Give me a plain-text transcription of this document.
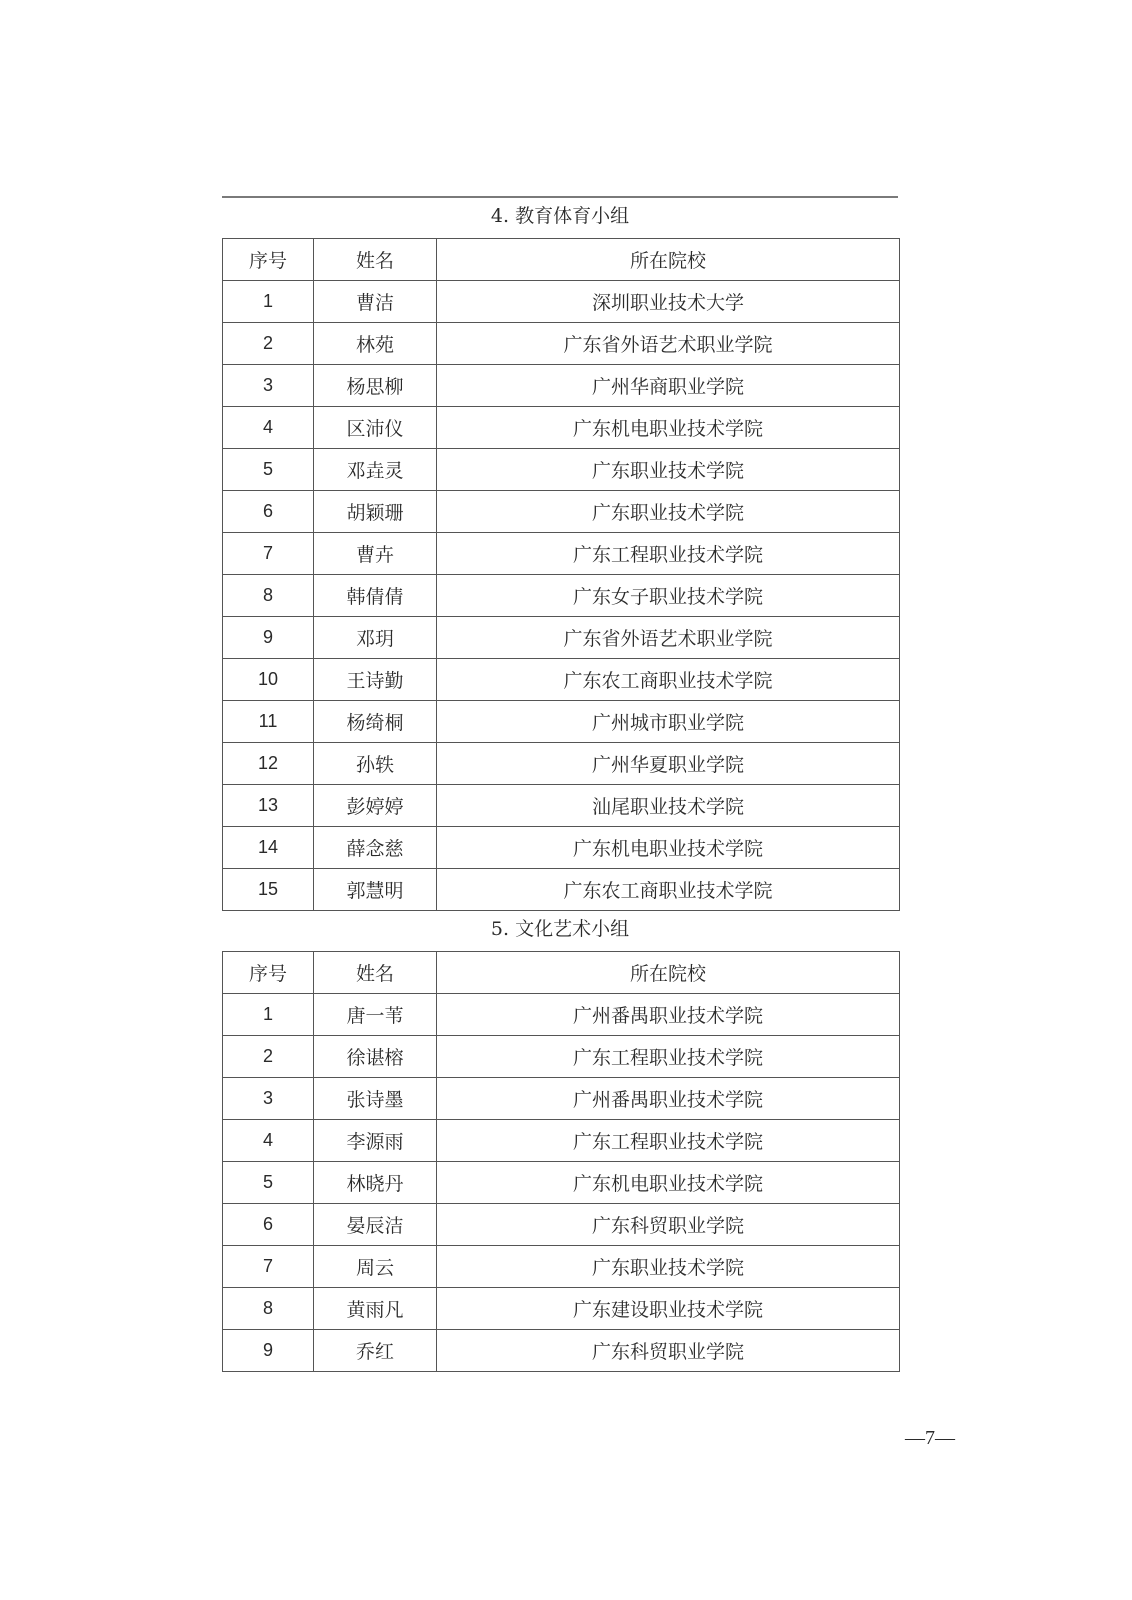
4. 教育体育小组
序号	姓名	所在院校
1	曹洁	深圳职业技术大学
2	林苑	广东省外语艺术职业学院
3	杨思柳	广州华商职业学院
4	区沛仪	广东机电职业技术学院
5	邓垚灵	广东职业技术学院
6	胡颖珊	广东职业技术学院
7	曹卉	广东工程职业技术学院
8	韩倩倩	广东女子职业技术学院
9	邓玥	广东省外语艺术职业学院
10	王诗勤	广东农工商职业技术学院
11	杨绮桐	广州城市职业学院
12	孙轶	广州华夏职业学院
13	彭婷婷	汕尾职业技术学院
14	薛念慈	广东机电职业技术学院
15	郭慧明	广东农工商职业技术学院
5. 文化艺术小组
序号	姓名	所在院校
1	唐一苇	广州番禺职业技术学院
2	徐谌榕	广东工程职业技术学院
3	张诗墨	广州番禺职业技术学院
4	李源雨	广东工程职业技术学院
5	林晓丹	广东机电职业技术学院
6	晏辰洁	广东科贸职业学院
7	周云	广东职业技术学院
8	黄雨凡	广东建设职业技术学院
9	乔红	广东科贸职业学院
—7—
